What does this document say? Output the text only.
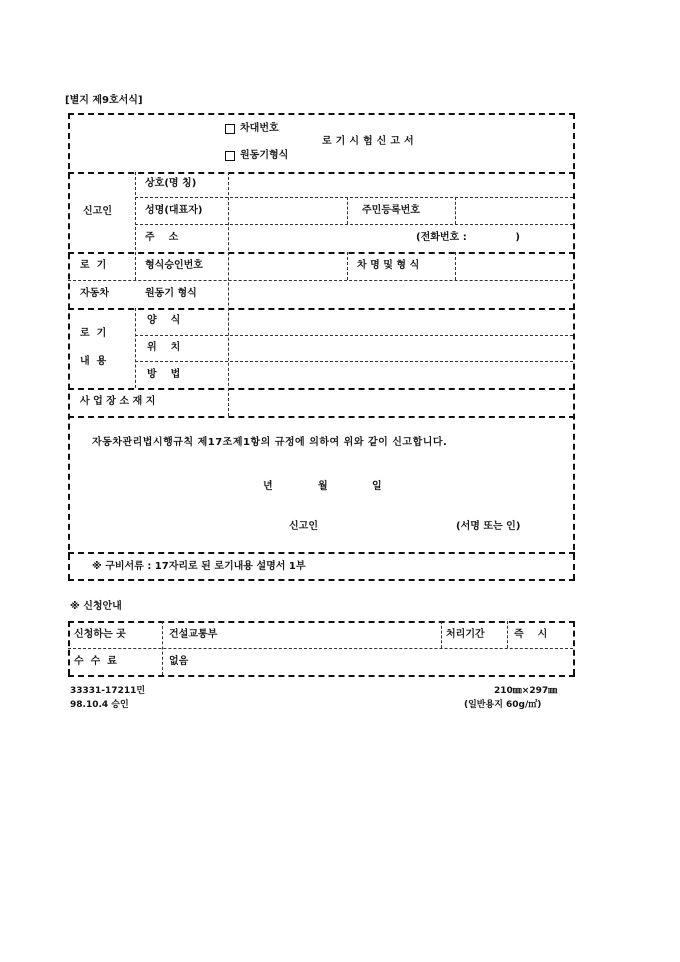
[별지 제9호서식]
차대번호
원동기형식
로기시험신고서
신고인
상호(명 칭)
성명(대표자)	주민등록번호
주    소	(전화번호 :              )
로  기	형식승인번호	차 명 및 형 식
자동차	원동기 형식
로  기
내  용
양    식
위    치
방    법
사 업 장 소 재 지
자동차관리법시행규칙 제17조제1항의 규정에 의하여 위와 같이 신고합니다.
년	월	일
신고인	(서명 또는 인)
※ 구비서류 : 17자리로 된 로기내용 설명서 1부
※ 신청안내
신청하는 곳	건설교통부	처리기간	즉    시
수  수  료	없음
33331-17211민
98.10.4 승인
210㎜×297㎜
(일반용지 60g/㎡)
